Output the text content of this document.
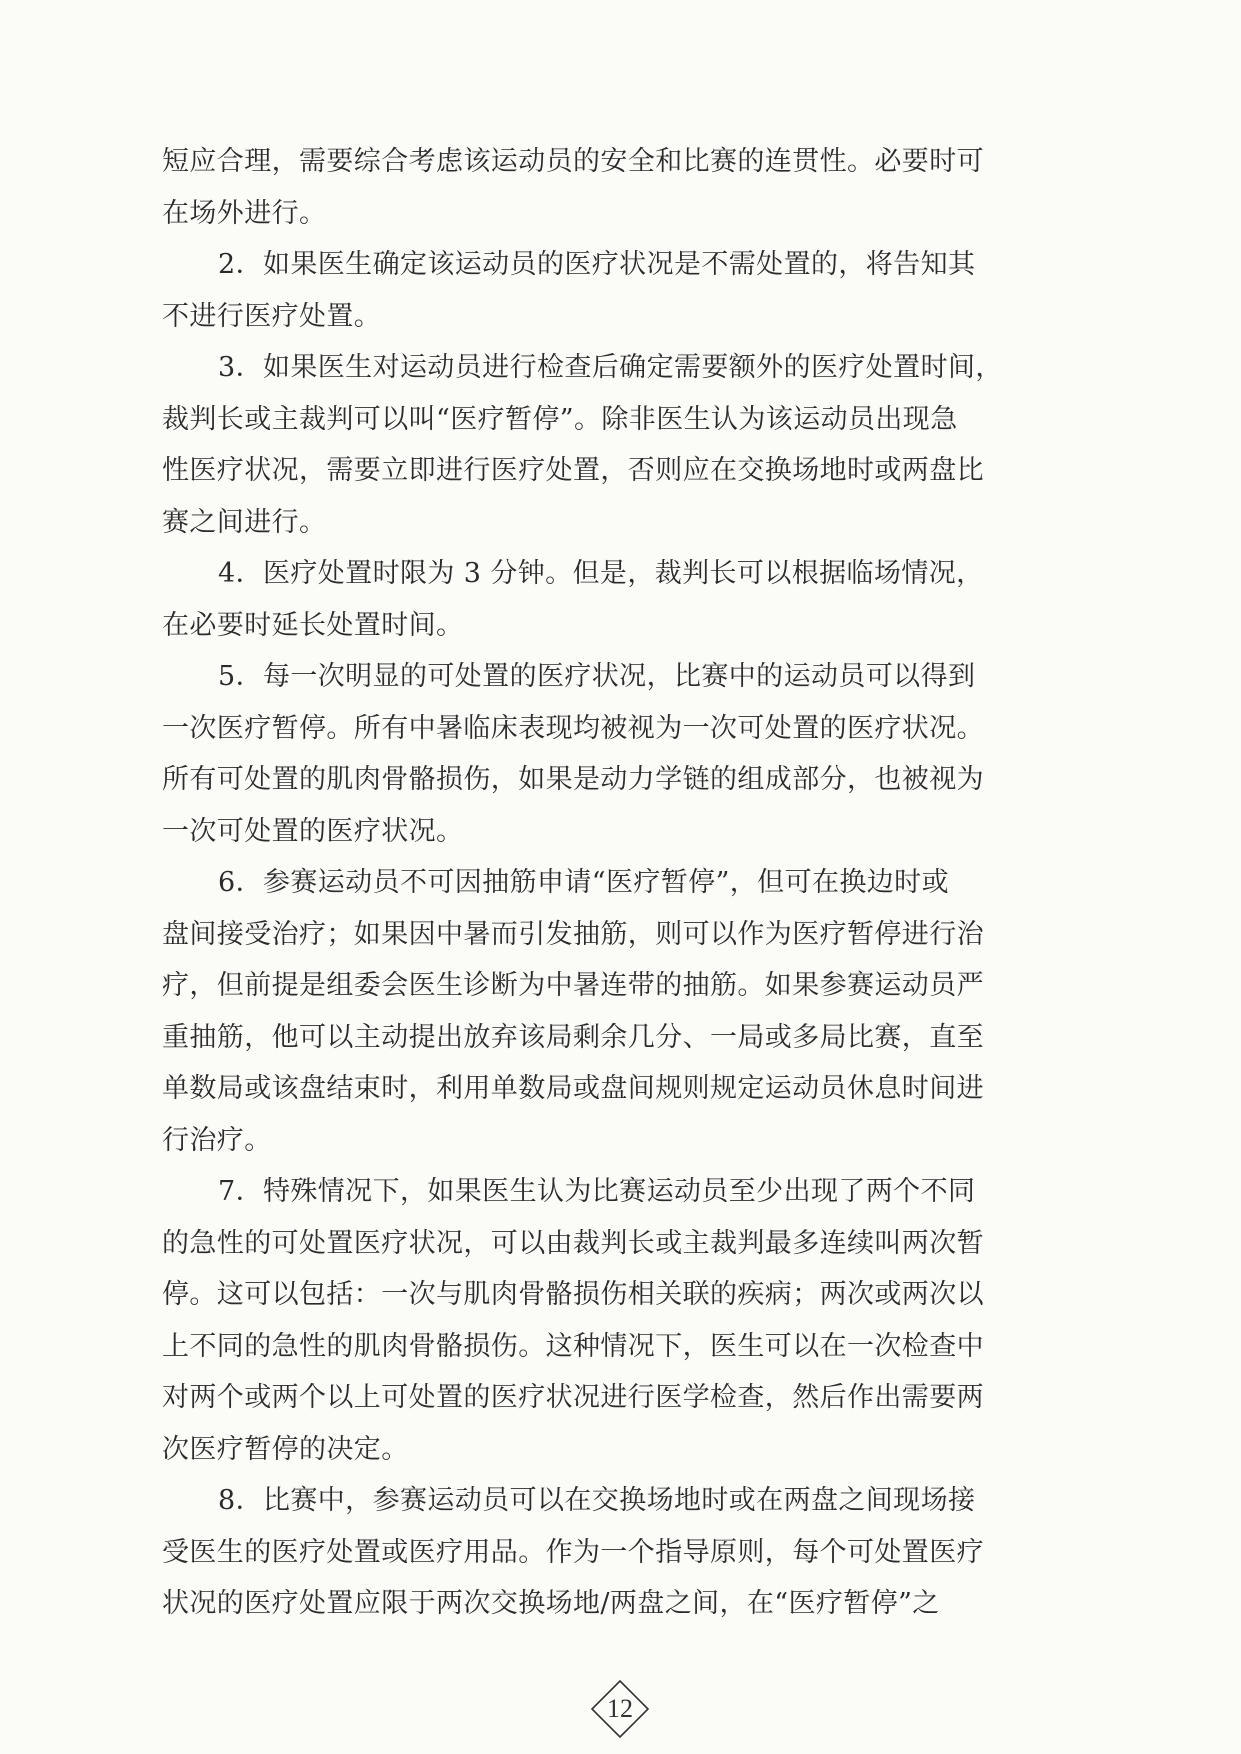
短应合理，需要综合考虑该运动员的安全和比赛的连贯性。必要时可
在场外进行。
2．如果医生确定该运动员的医疗状况是不需处置的，将告知其
不进行医疗处置。
3．如果医生对运动员进行检查后确定需要额外的医疗处置时间，
裁判长或主裁判可以叫“医疗暂停”。除非医生认为该运动员出现急
性医疗状况，需要立即进行医疗处置，否则应在交换场地时或两盘比
赛之间进行。
4．医疗处置时限为 3 分钟。但是，裁判长可以根据临场情况，
在必要时延长处置时间。
5．每一次明显的可处置的医疗状况，比赛中的运动员可以得到
一次医疗暂停。所有中暑临床表现均被视为一次可处置的医疗状况。
所有可处置的肌肉骨骼损伤，如果是动力学链的组成部分，也被视为
一次可处置的医疗状况。
6．参赛运动员不可因抽筋申请“医疗暂停”，但可在换边时或
盘间接受治疗；如果因中暑而引发抽筋，则可以作为医疗暂停进行治
疗，但前提是组委会医生诊断为中暑连带的抽筋。如果参赛运动员严
重抽筋，他可以主动提出放弃该局剩余几分、一局或多局比赛，直至
单数局或该盘结束时，利用单数局或盘间规则规定运动员休息时间进
行治疗。
7．特殊情况下，如果医生认为比赛运动员至少出现了两个不同
的急性的可处置医疗状况，可以由裁判长或主裁判最多连续叫两次暂
停。这可以包括：一次与肌肉骨骼损伤相关联的疾病；两次或两次以
上不同的急性的肌肉骨骼损伤。这种情况下，医生可以在一次检查中
对两个或两个以上可处置的医疗状况进行医学检查，然后作出需要两
次医疗暂停的决定。
8．比赛中，参赛运动员可以在交换场地时或在两盘之间现场接
受医生的医疗处置或医疗用品。作为一个指导原则，每个可处置医疗
状况的医疗处置应限于两次交换场地/两盘之间，在“医疗暂停”之
12
